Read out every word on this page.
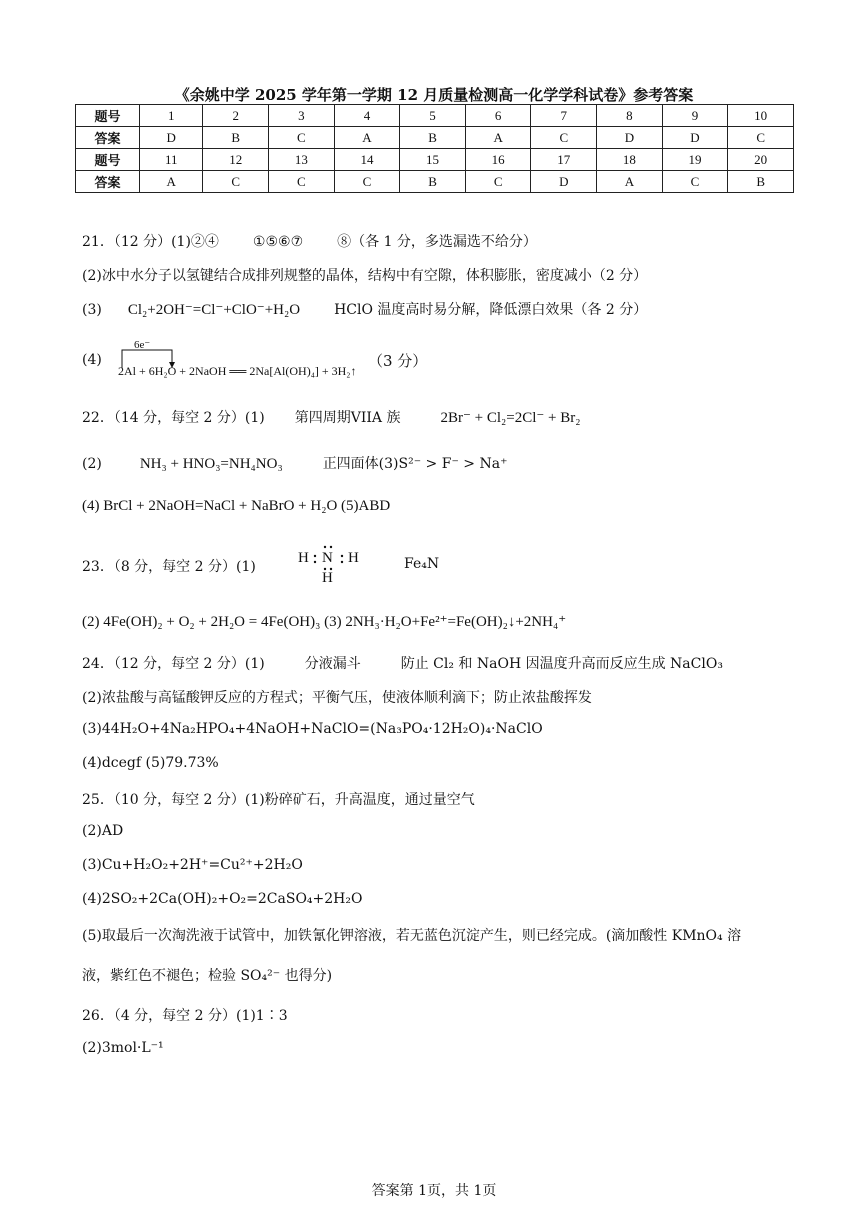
《余姚中学 2025 学年第一学期 12 月质量检测高一化学学科试卷》参考答案
题号	1	2	3	4	5	6	7	8	9	10
答案	D	B	C	A	B	A	C	D	D	C
题号	11	12	13	14	15	16	17	18	19	20
答案	A	C	C	C	B	C	D	A	C	B
21．（12 分）(1)②④ ①⑤⑥⑦ ⑧（各 1 分，多选漏选不给分）
(2)冰中水分子以氢键结合成排列规整的晶体，结构中有空隙，体积膨胀，密度减小（2 分）
(3) Cl₂+2OH⁻=Cl⁻+ClO⁻+H₂O HClO 温度高时易分解，降低漂白效果（各 2 分）
(4)
6e⁻
2Al + 6H₂O + 2NaOH ══ 2Na[Al(OH)₄] + 3H₂↑
（3 分）
22．（14 分，每空 2 分）(1) 第四周期VIIA 族	2Br⁻ + Cl₂=2Cl⁻ + Br₂
(2)	NH₃ + HNO₃=NH₄NO₃	正四面体(3)S²⁻ > F⁻ > Na⁺
(4) BrCl + 2NaOH=NaCl + NaBrO + H₂O (5)ABD
23．（8 分，每空 2 分）(1)
H N H
H
Fe₄N
(2) 4Fe(OH)₂ + O₂ + 2H₂O = 4Fe(OH)₃ (3) 2NH₃·H₂O+Fe²⁺=Fe(OH)₂↓+2NH₄⁺
24．（12 分，每空 2 分）(1)	分液漏斗	防止 Cl₂ 和 NaOH 因温度升高而反应生成 NaClO₃
(2)浓盐酸与高锰酸钾反应的方程式；平衡气压，使液体顺利滴下；防止浓盐酸挥发
(3)44H₂O+4Na₂HPO₄+4NaOH+NaClO=(Na₃PO₄·12H₂O)₄·NaClO
(4)dcegf (5)79.73%
25．（10 分，每空 2 分）(1)粉碎矿石，升高温度，通过量空气
(2)AD
(3)Cu+H₂O₂+2H⁺=Cu²⁺+2H₂O
(4)2SO₂+2Ca(OH)₂+O₂=2CaSO₄+2H₂O
(5)取最后一次淘洗液于试管中，加铁氰化钾溶液，若无蓝色沉淀产生，则已经完成。(滴加酸性 KMnO₄ 溶
液，紫红色不褪色；检验 SO₄²⁻ 也得分)
26．（4 分，每空 2 分）(1)1∶3
(2)3mol·L⁻¹
答案第 1页，共 1页
